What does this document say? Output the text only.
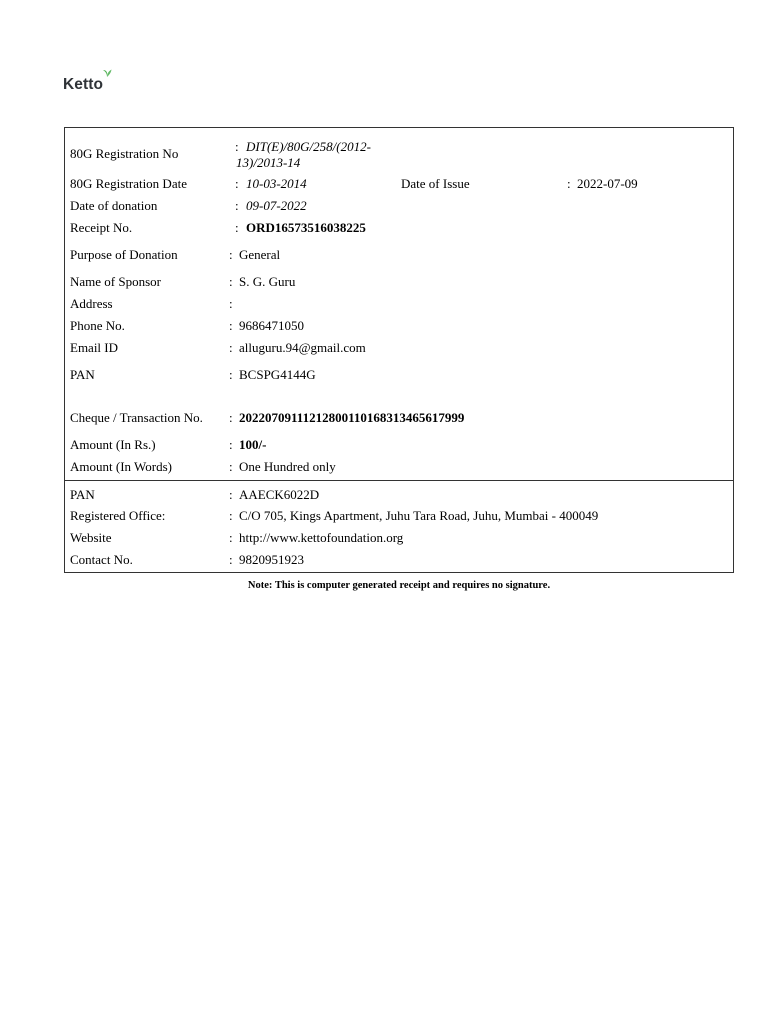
Ketto
80G Registration No	: DIT(E)/80G/258/(2012-
13)/2013-14
80G Registration Date	: 10-03-2014	Date of Issue	: 2022-07-09
Date of donation	: 09-07-2022
Receipt No.	: ORD16573516038225
Purpose of Donation	: General
Name of Sponsor	: S. G. Guru
Address	:
Phone No.	: 9686471050
Email ID	: alluguru.94@gmail.com
PAN	: BCSPG4144G
Cheque / Transaction No. : 20220709111212800110168313465617999
Amount (In Rs.)	: 100/-
Amount (In Words)	: One Hundred only
PAN	: AAECK6022D
Registered Office:	: C/O 705, Kings Apartment, Juhu Tara Road, Juhu, Mumbai - 400049
Website	: http://www.kettofoundation.org
Contact No.	: 9820951923
Note: This is computer generated receipt and requires no signature.
